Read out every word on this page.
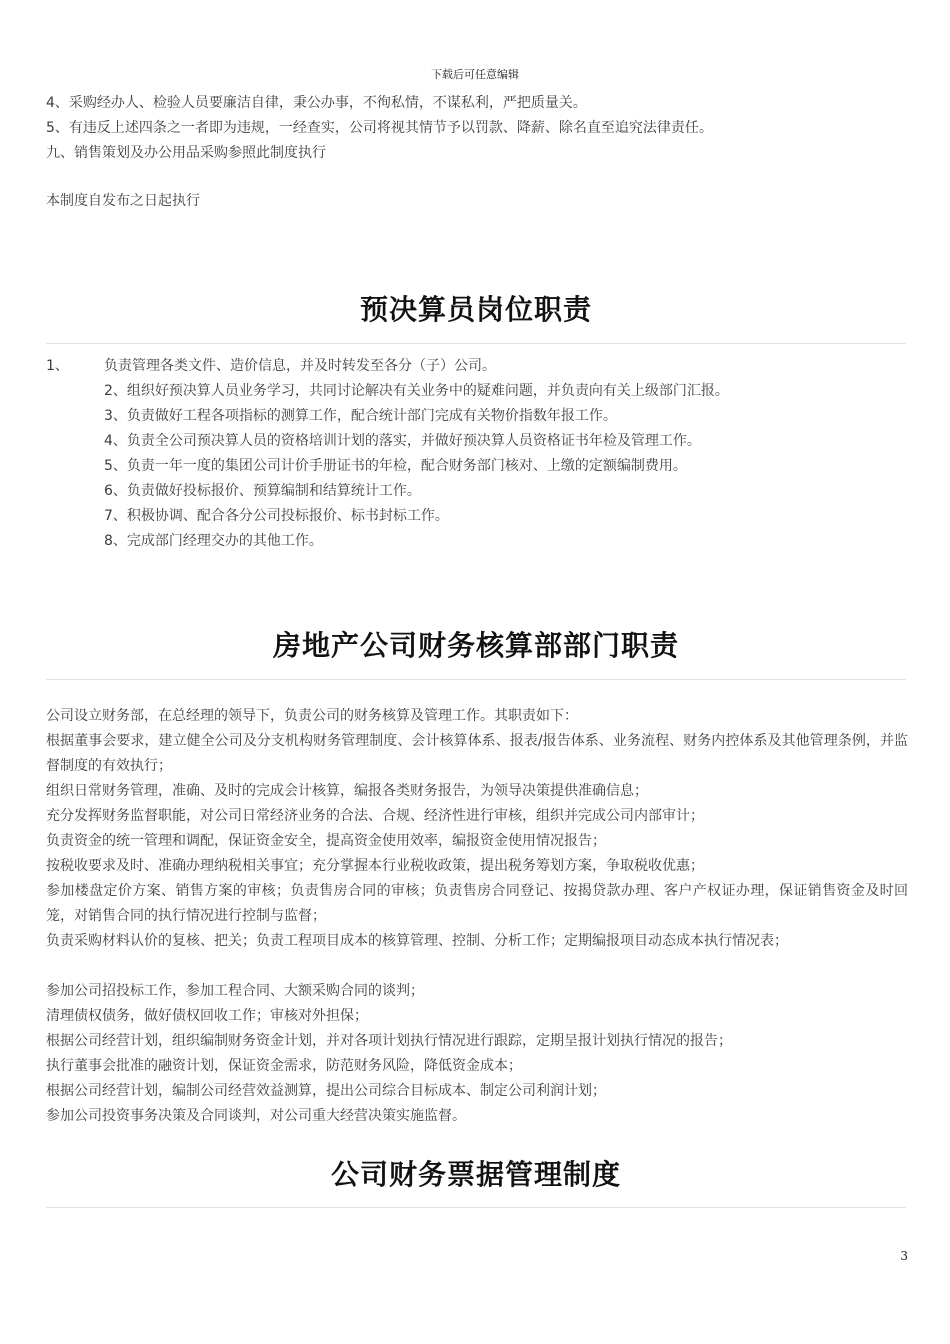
下载后可任意编辑
4、采购经办人、检验人员要廉洁自律，秉公办事，不徇私情，不谋私利，严把质量关。
5、有违反上述四条之一者即为违规，一经查实，公司将视其情节予以罚款、降薪、除名直至追究法律责任。
九、销售策划及办公用品采购参照此制度执行
本制度自发布之日起执行
预决算员岗位职责
1、	负责管理各类文件、造价信息，并及时转发至各分（子）公司。
2、组织好预决算人员业务学习，共同讨论解决有关业务中的疑难问题，并负责向有关上级部门汇报。
3、负责做好工程各项指标的测算工作，配合统计部门完成有关物价指数年报工作。
4、负责全公司预决算人员的资格培训计划的落实，并做好预决算人员资格证书年检及管理工作。
5、负责一年一度的集团公司计价手册证书的年检，配合财务部门核对、上缴的定额编制费用。
6、负责做好投标报价、预算编制和结算统计工作。
7、积极协调、配合各分公司投标报价、标书封标工作。
8、完成部门经理交办的其他工作。
房地产公司财务核算部部门职责
公司设立财务部，在总经理的领导下，负责公司的财务核算及管理工作。其职责如下：
根据董事会要求，建立健全公司及分支机构财务管理制度、会计核算体系、报表/报告体系、业务流程、财务内控体系及其他管理条例，并监督制度的有效执行；
组织日常财务管理，准确、及时的完成会计核算，编报各类财务报告，为领导决策提供准确信息；
充分发挥财务监督职能，对公司日常经济业务的合法、合规、经济性进行审核，组织并完成公司内部审计；
负责资金的统一管理和调配，保证资金安全，提高资金使用效率，编报资金使用情况报告；
按税收要求及时、准确办理纳税相关事宜；充分掌握本行业税收政策，提出税务筹划方案，争取税收优惠；
参加楼盘定价方案、销售方案的审核；负责售房合同的审核；负责售房合同登记、按揭贷款办理、客户产权证办理，保证销售资金及时回笼，对销售合同的执行情况进行控制与监督；
负责采购材料认价的复核、把关；负责工程项目成本的核算管理、控制、分析工作；定期编报项目动态成本执行情况表；
参加公司招投标工作，参加工程合同、大额采购合同的谈判；
清理债权债务，做好债权回收工作；审核对外担保；
根据公司经营计划，组织编制财务资金计划，并对各项计划执行情况进行跟踪，定期呈报计划执行情况的报告；
执行董事会批准的融资计划，保证资金需求，防范财务风险，降低资金成本；
根据公司经营计划，编制公司经营效益测算，提出公司综合目标成本、制定公司利润计划；
参加公司投资事务决策及合同谈判，对公司重大经营决策实施监督。
公司财务票据管理制度
3
